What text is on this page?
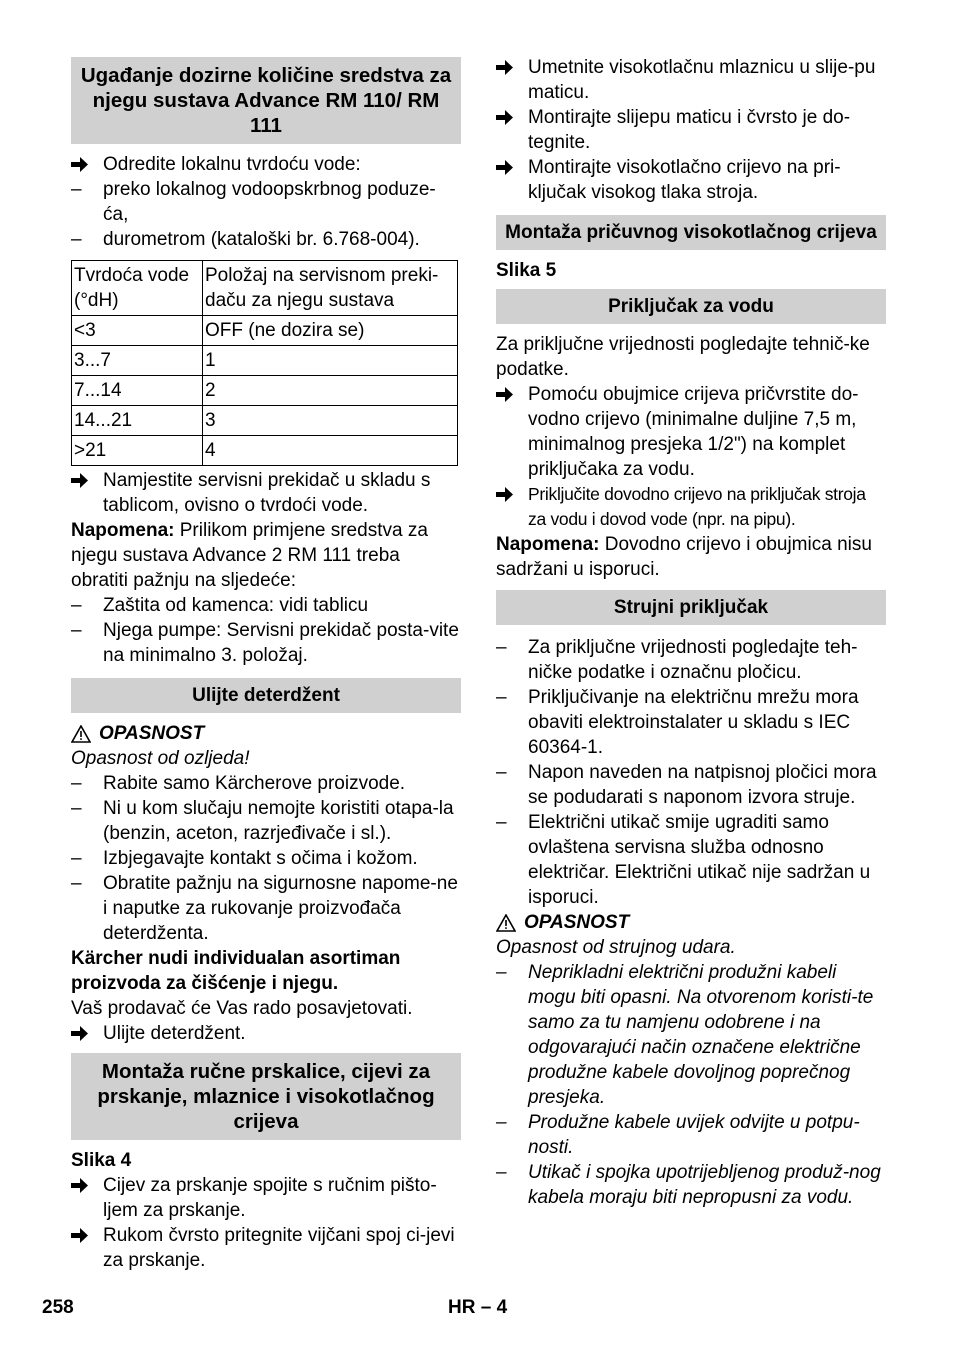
Ugađanje dozirne količine sredstva za njegu sustava Advance RM 110/ RM 111
Odredite lokalnu tvrdoću vode:
–	preko lokalnog vodoopskrbnog poduze-ća,
–	durometrom (kataloški br. 6.768-004).
Tvrdoća vode (°dH)	Položaj na servisnom preki-daču za njegu sustava
<3	OFF (ne dozira se)
3...7	1
7...14	2
14...21	3
>21	4
Namjestite servisni prekidač u skladu s tablicom, ovisno o tvrdoći vode.

Napomena: Prilikom primjene sredstva za njegu sustava Advance 2 RM 111 treba obratiti pažnju na sljedeće:

–	Zaštita od kamenca: vidi tablicu
–	Njega pumpe: Servisni prekidač posta-vite na minimalno 3. položaj.
Ulijte deterdžent
OPASNOST

Opasnost od ozljeda!

–	Rabite samo Kärcherove proizvode.
–	Ni u kom slučaju nemojte koristiti otapa-la (benzin, aceton, razrjeđivače i sl.).
–	Izbjegavajte kontakt s očima i kožom.
–	Obratite pažnju na sigurnosne napome-ne i naputke za rukovanje proizvođača deterdženta.

Kärcher nudi individualan asortiman proizvoda za čišćenje i njegu.

Vaš prodavač će Vas rado posavjetovati.

Ulijte deterdžent.
Montaža ručne prskalice, cijevi za prskanje, mlaznice i visokotlačnog crijeva

Slika 4

Cijev za prskanje spojite s ručnim pišto-ljem za prskanje.
Rukom čvrsto pritegnite vijčani spoj ci-jevi za prskanje.
Umetnite visokotlačnu mlaznicu u slije-pu maticu.
Montirajte slijepu maticu i čvrsto je do-tegnite.
Montirajte visokotlačno crijevo na pri-ključak visokog tlaka stroja.
Montaža pričuvnog visokotlačnog crijeva

Slika 5

Priključak za vodu

Za priključne vrijednosti pogledajte tehnič-ke podatke.

Pomoću obujmice crijeva pričvrstite do-vodno crijevo (minimalne duljine 7,5 m, minimalnog presjeka 1/2") na komplet priključaka za vodu.
Priključite dovodno crijevo na priključak stroja za vodu i dovod vode (npr. na pipu).

Napomena: Dovodno crijevo i obujmica nisu sadržani u isporuci.

Strujni priključak
–	Za priključne vrijednosti pogledajte teh-ničke podatke i označnu pločicu.
–	Priključivanje na električnu mrežu mora obaviti elektroinstalater u skladu s IEC 60364-1.
–	Napon naveden na natpisnoj pločici mora se podudarati s naponom izvora struje.
–	Električni utikač smije ugraditi samo ovlaštena servisna služba odnosno električar. Električni utikač nije sadržan u isporuci.
OPASNOST

Opasnost od strujnog udara.

–	Neprikladni električni produžni kabeli mogu biti opasni. Na otvorenom koristi-te samo za tu namjenu odobrene i na odgovarajući način označene električne produžne kabele dovoljnog poprečnog presjeka.
–	Produžne kabele uvijek odvijte u potpu-nosti.
–	Utikač i spojka upotrijebljenog produž-nog kabela moraju biti nepropusni za vodu.
258	HR – 4
